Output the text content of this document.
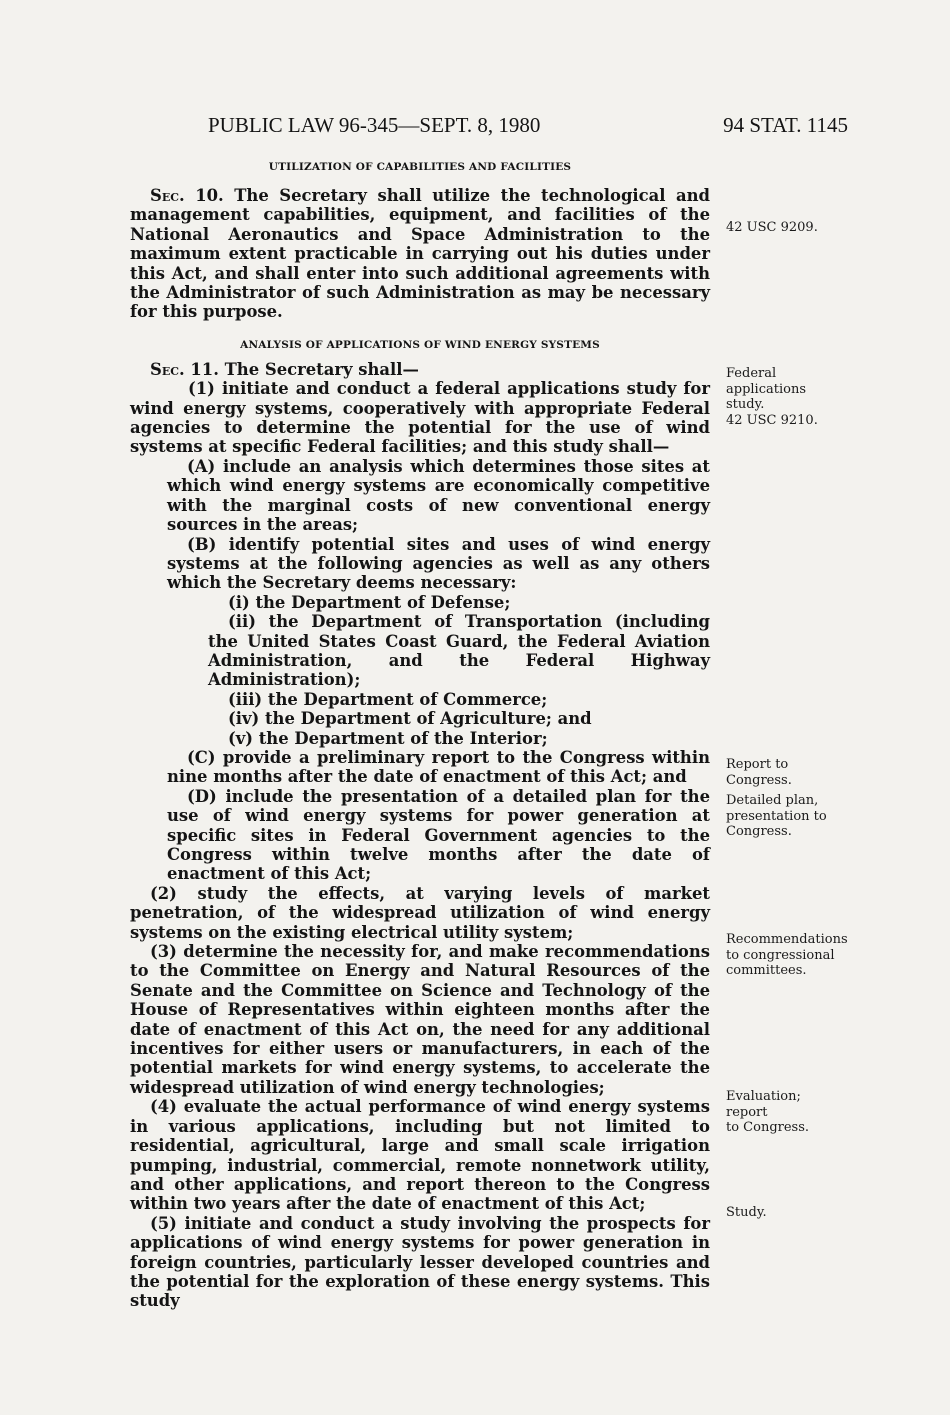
PUBLIC LAW 96-345—SEPT. 8, 1980	94 STAT. 1145

UTILIZATION OF CAPABILITIES AND FACILITIES

Sec. 10. The Secretary shall utilize the technological and management capabilities, equipment, and facilities of the National Aeronautics and Space Administration to the maximum extent practicable in carrying out his duties under this Act, and shall enter into such additional agreements with the Administrator of such Administration as may be necessary for this purpose.

ANALYSIS OF APPLICATIONS OF WIND ENERGY SYSTEMS

Sec. 11. The Secretary shall—

(1) initiate and conduct a federal applications study for wind energy systems, cooperatively with appropriate Federal agencies to determine the potential for the use of wind systems at specific Federal facilities; and this study shall—

(A) include an analysis which determines those sites at which wind energy systems are economically competitive with the marginal costs of new conventional energy sources in the areas;

(B) identify potential sites and uses of wind energy systems at the following agencies as well as any others which the Secretary deems necessary:

(i) the Department of Defense;

(ii) the Department of Transportation (including the United States Coast Guard, the Federal Aviation Administration, and the Federal Highway Administration);

(iii) the Department of Commerce;

(iv) the Department of Agriculture; and

(v) the Department of the Interior;

(C) provide a preliminary report to the Congress within nine months after the date of enactment of this Act; and

(D) include the presentation of a detailed plan for the use of wind energy systems for power generation at specific sites in Federal Government agencies to the Congress within twelve months after the date of enactment of this Act;

(2) study the effects, at varying levels of market penetration, of the widespread utilization of wind energy systems on the existing electrical utility system;

(3) determine the necessity for, and make recommendations to the Committee on Energy and Natural Resources of the Senate and the Committee on Science and Technology of the House of Representatives within eighteen months after the date of enactment of this Act on, the need for any additional incentives for either users or manufacturers, in each of the potential markets for wind energy systems, to accelerate the widespread utilization of wind energy technologies;

(4) evaluate the actual performance of wind energy systems in various applications, including but not limited to residential, agricultural, large and small scale irrigation pumping, industrial, commercial, remote nonnetwork utility, and other applications, and report thereon to the Congress within two years after the date of enactment of this Act;

(5) initiate and conduct a study involving the prospects for applications of wind energy systems for power generation in foreign countries, particularly lesser developed countries and the potential for the exploration of these energy systems. This study

42 USC 9209.
Federal
applications
study.
42 USC 9210.
Report to
Congress.
Detailed plan,
presentation to
Congress.
Recommendations
to congressional
committees.
Evaluation;
report
to Congress.
Study.
